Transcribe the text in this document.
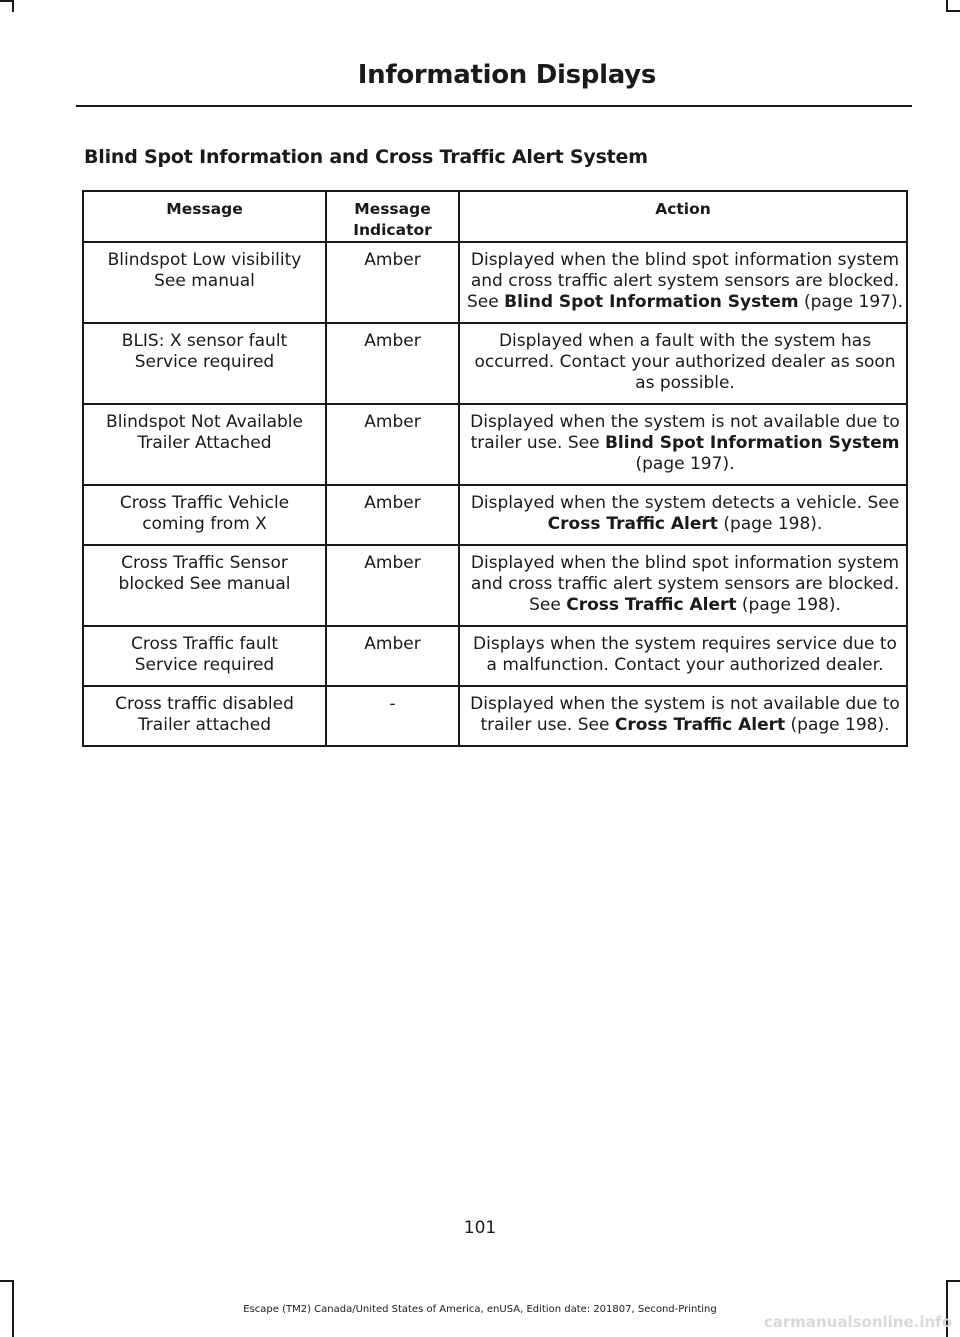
Information Displays
Blind Spot Information and Cross Traffic Alert System
Message	Message Indicator	Action

Blindspot Low visibility
See manual	Amber	Displayed when the blind spot information system and cross traffic alert system sensors are blocked. See Blind Spot Information System (page 197).

BLIS: X sensor fault
Service required	Amber	Displayed when a fault with the system has occurred. Contact your authorized dealer as soon as possible.

Blindspot Not Available
Trailer Attached	Amber	Displayed when the system is not available due to trailer use. See Blind Spot Information System (page 197).

Cross Traffic Vehicle
coming from X	Amber	Displayed when the system detects a vehicle. See Cross Traffic Alert (page 198).

Cross Traffic Sensor
blocked See manual	Amber	Displayed when the blind spot information system and cross traffic alert system sensors are blocked. See Cross Traffic Alert (page 198).

Cross Traffic fault
Service required	Amber	Displays when the system requires service due to a malfunction. Contact your authorized dealer.

Cross traffic disabled
Trailer attached	-	Displayed when the system is not available due to trailer use. See Cross Traffic Alert (page 198).
101
Escape (TM2) Canada/United States of America, enUSA, Edition date: 201807, Second-Printing
carmanualsonline.info
